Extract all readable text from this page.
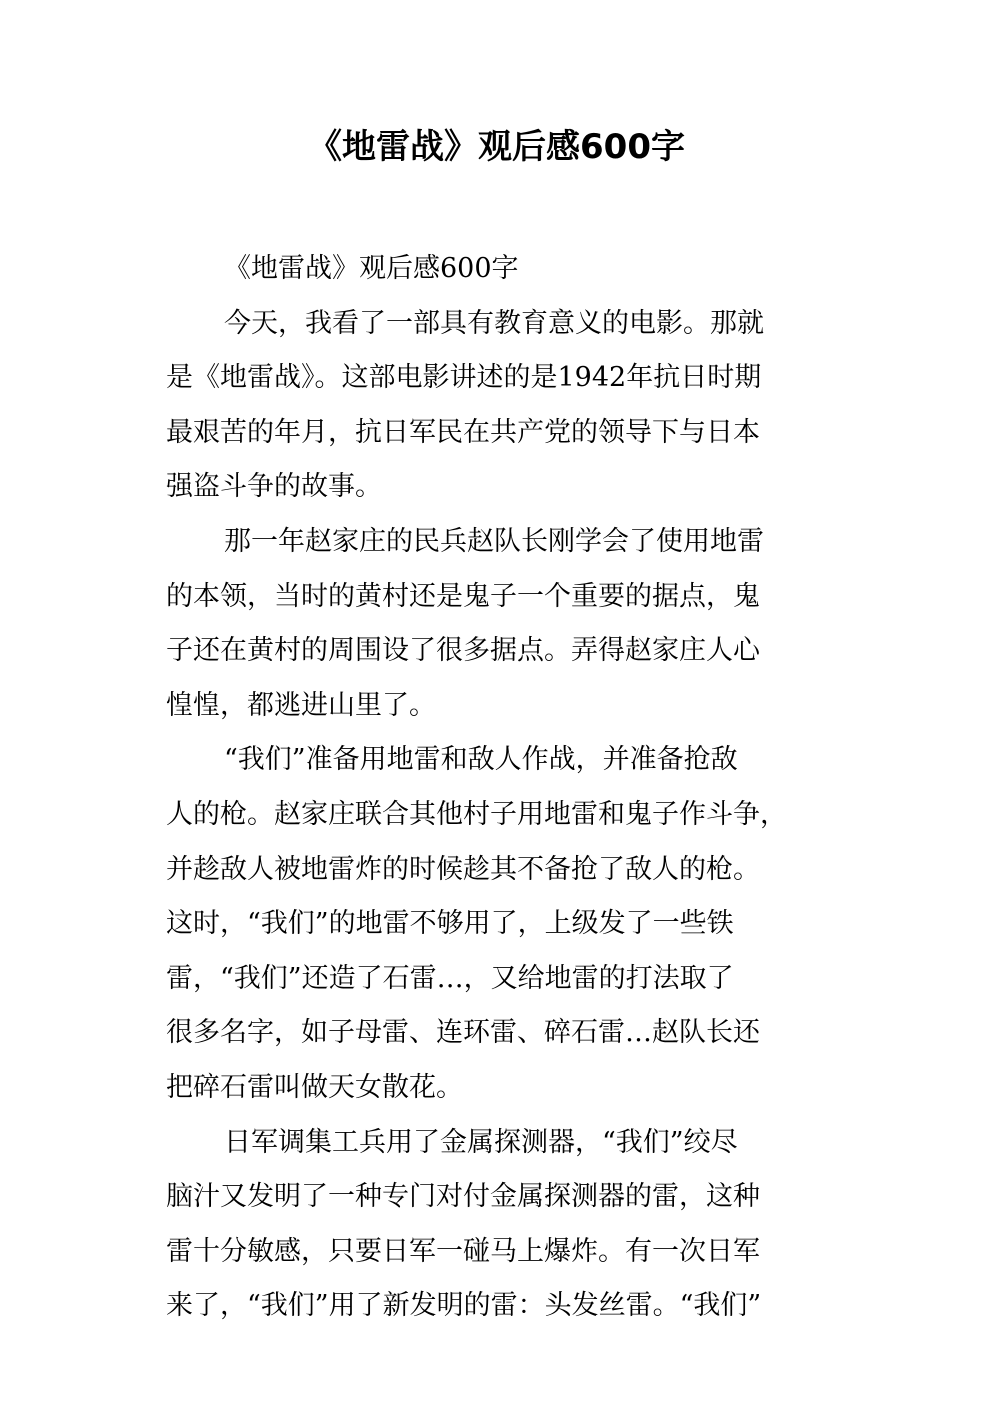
《地雷战》观后感600字
《地雷战》观后感600字
今天，我看了一部具有教育意义的电影。那就
是《地雷战》。这部电影讲述的是1942年抗日时期
最艰苦的年月，抗日军民在共产党的领导下与日本
强盗斗争的故事。
那一年赵家庄的民兵赵队长刚学会了使用地雷
的本领，当时的黄村还是鬼子一个重要的据点，鬼
子还在黄村的周围设了很多据点。弄得赵家庄人心
惶惶，都逃进山里了。
“我们”准备用地雷和敌人作战，并准备抢敌
人的枪。赵家庄联合其他村子用地雷和鬼子作斗争，
并趁敌人被地雷炸的时候趁其不备抢了敌人的枪。
这时，“我们”的地雷不够用了，上级发了一些铁
雷，“我们”还造了石雷…，又给地雷的打法取了
很多名字，如子母雷、连环雷、碎石雷…赵队长还
把碎石雷叫做天女散花。
日军调集工兵用了金属探测器，“我们”绞尽
脑汁又发明了一种专门对付金属探测器的雷，这种
雷十分敏感，只要日军一碰马上爆炸。有一次日军
来了，“我们”用了新发明的雷：头发丝雷。“我们”
